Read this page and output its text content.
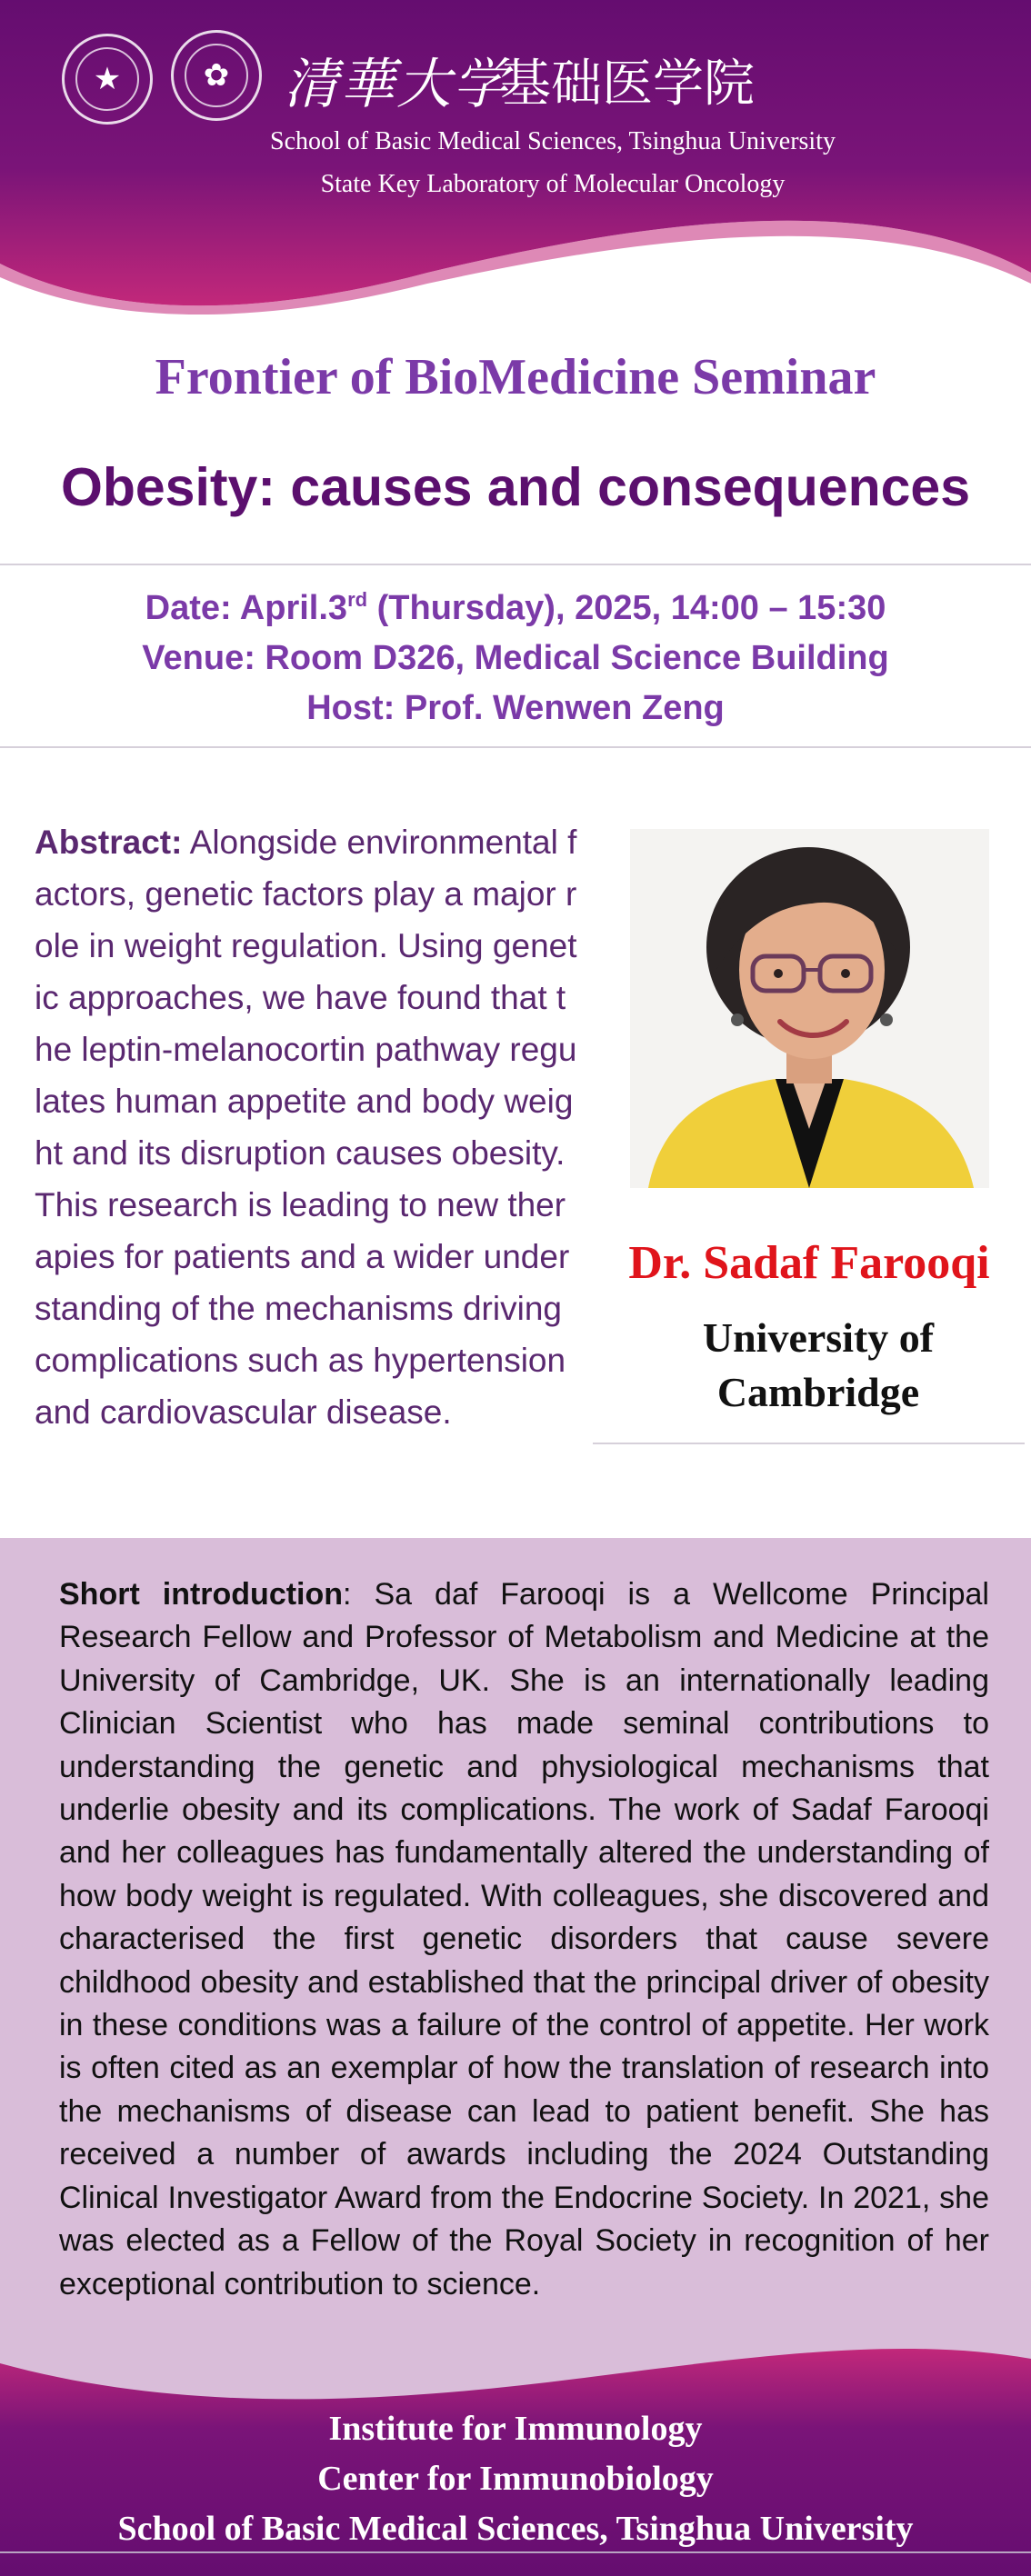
★	✿ 清華大学
基础医学院
School of Basic Medical Sciences, Tsinghua University
State Key Laboratory of Molecular Oncology
Frontier of BioMedicine Seminar
Obesity: causes and consequences
Date: April.3rd (Thursday), 2025, 14:00 – 15:30
Venue: Room D326, Medical Science Building
Host: Prof. Wenwen Zeng
Abstract: Alongside environmental factors, genetic factors play a major role in weight regulation. Using genetic approaches, we have found that the leptin-melanocortin pathway regulates human appetite and body weight and its disruption causes obesity. This research is leading to new therapies for patients and a wider understanding of the mechanisms driving complications such as hypertension and cardiovascular disease.
Dr. Sadaf Farooqi
University of Cambridge
Short introduction: Sa daf Farooqi is a Wellcome Principal Research Fellow and Professor of Metabolism and Medicine at the University of Cambridge, UK. She is an internationally leading Clinician Scientist who has made seminal contributions to understanding the genetic and physiological mechanisms that underlie obesity and its complications. The work of Sadaf Farooqi and her colleagues has fundamentally altered the understanding of how body weight is regulated. With colleagues, she discovered and characterised the first genetic disorders that cause severe childhood obesity and established that the principal driver of obesity in these conditions was a failure of the control of appetite. Her work is often cited as an exemplar of how the translation of research into the mechanisms of disease can lead to patient benefit. She has received a number of awards including the 2024 Outstanding Clinical Investigator Award from the Endocrine Society. In 2021, she was elected as a Fellow of the Royal Society in recognition of her exceptional contribution to science.
Institute for Immunology
Center for Immunobiology
School of Basic Medical Sciences, Tsinghua University
